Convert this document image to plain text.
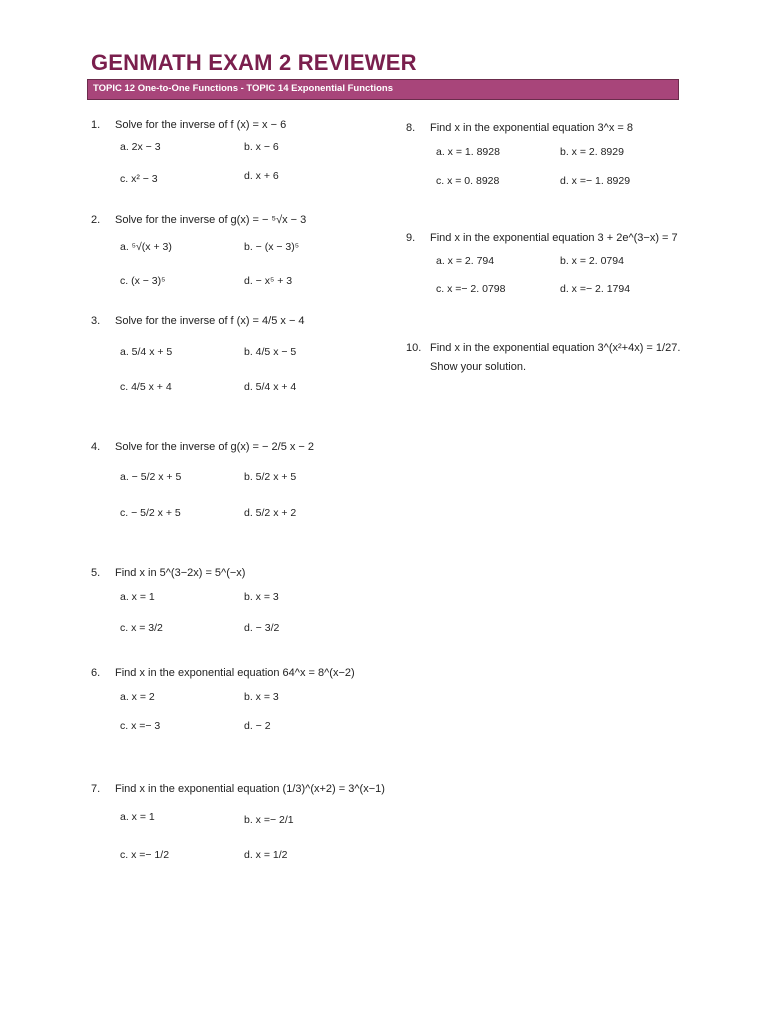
GENMATH EXAM 2 REVIEWER
TOPIC 12 One-to-One Functions - TOPIC 14 Exponential Functions
1. Solve for the inverse of f (x) = x − 6
a. 2x − 3	b. x − 6
c. x² − 3	d. x + 6
2. Solve for the inverse of g(x) = − ⁵√x − 3
a. ⁵√(x + 3)	b. − (x − 3)⁵
c. (x − 3)⁵	d. − x⁵ + 3
3. Solve for the inverse of f (x) = 4/5 x − 4
a. 5/4 x + 5	b. 4/5 x − 5
c. 4/5 x + 4	d. 5/4 x + 4
4. Solve for the inverse of g(x) = − 2/5 x − 2
a. − 5/2 x + 5	b. 5/2 x + 5
c. − 5/2 x + 5	d. 5/2 x + 2
5. Find x in 5^(3−2x) = 5^(−x)
a. x = 1	b. x = 3
c. x = 3/2	d. − 3/2
6. Find x in the exponential equation 64^x = 8^(x−2)
a. x = 2	b. x = 3
c. x =− 3	d. − 2
7. Find x in the exponential equation (1/3)^(x+2) = 3^(x−1)
a. x = 1	b. x =− 2/1
c. x =− 1/2	d. x = 1/2
8. Find x in the exponential equation 3^x = 8
a. x = 1. 8928	b. x = 2. 8929
c. x = 0. 8928	d. x =− 1. 8929
9. Find x in the exponential equation 3 + 2e^(3−x) = 7
a. x = 2. 794	b. x = 2. 0794
c. x =− 2. 0798	d. x =− 2. 1794
10. Find x in the exponential equation 3^(x²+4x) = 1/27.
Show your solution.
